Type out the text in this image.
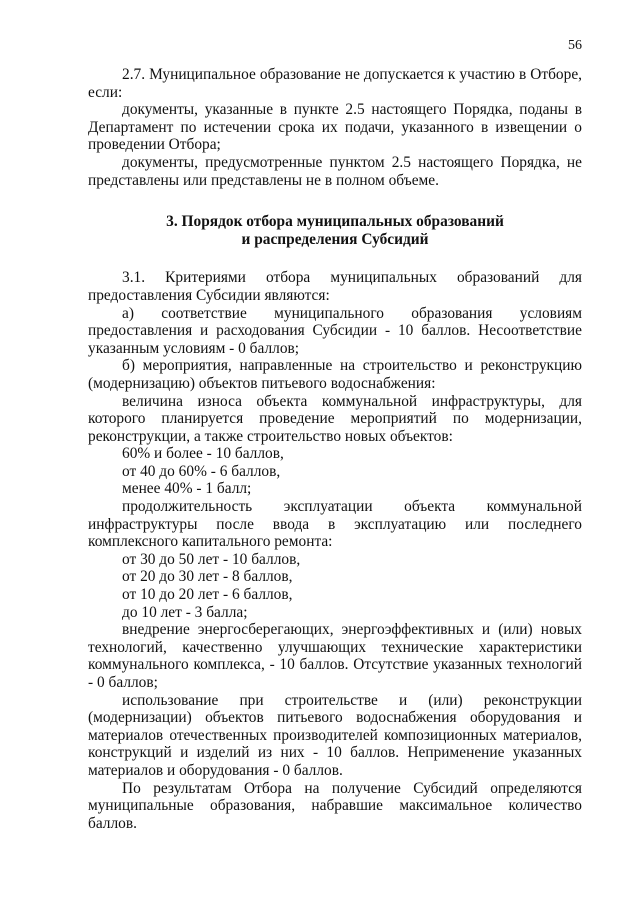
56

2.7. Муниципальное образование не допускается к участию в Отборе, если:

документы, указанные в пункте 2.5 настоящего Порядка, поданы в Департамент по истечении срока их подачи, указанного в извещении о проведении Отбора;

документы, предусмотренные пунктом 2.5 настоящего Порядка, не представлены или представлены не в полном объеме.

3. Порядок отбора муниципальных образований
и распределения Субсидий

3.1. Критериями отбора муниципальных образований для предоставления Субсидии являются:

а) соответствие муниципального образования условиям предоставления и расходования Субсидии - 10 баллов. Несоответствие указанным условиям - 0 баллов;

б) мероприятия, направленные на строительство и реконструкцию (модернизацию) объектов питьевого водоснабжения:

величина износа объекта коммунальной инфраструктуры, для которого планируется проведение мероприятий по модернизации, реконструкции, а также строительство новых объектов:

60% и более - 10 баллов,

от 40 до 60% - 6 баллов,

менее 40% - 1 балл;

продолжительность эксплуатации объекта коммунальной инфраструктуры после ввода в эксплуатацию или последнего комплексного капитального ремонта:

от 30 до 50 лет - 10 баллов,

от 20 до 30 лет - 8 баллов,

от 10 до 20 лет - 6 баллов,

до 10 лет - 3 балла;

внедрение энергосберегающих, энергоэффективных и (или) новых технологий, качественно улучшающих технические характеристики коммунального комплекса, - 10 баллов. Отсутствие указанных технологий - 0 баллов;

использование при строительстве и (или) реконструкции (модернизации) объектов питьевого водоснабжения оборудования и материалов отечественных производителей композиционных материалов, конструкций и изделий из них - 10 баллов. Неприменение указанных материалов и оборудования - 0 баллов.

По результатам Отбора на получение Субсидий определяются муниципальные образования, набравшие максимальное количество баллов.
